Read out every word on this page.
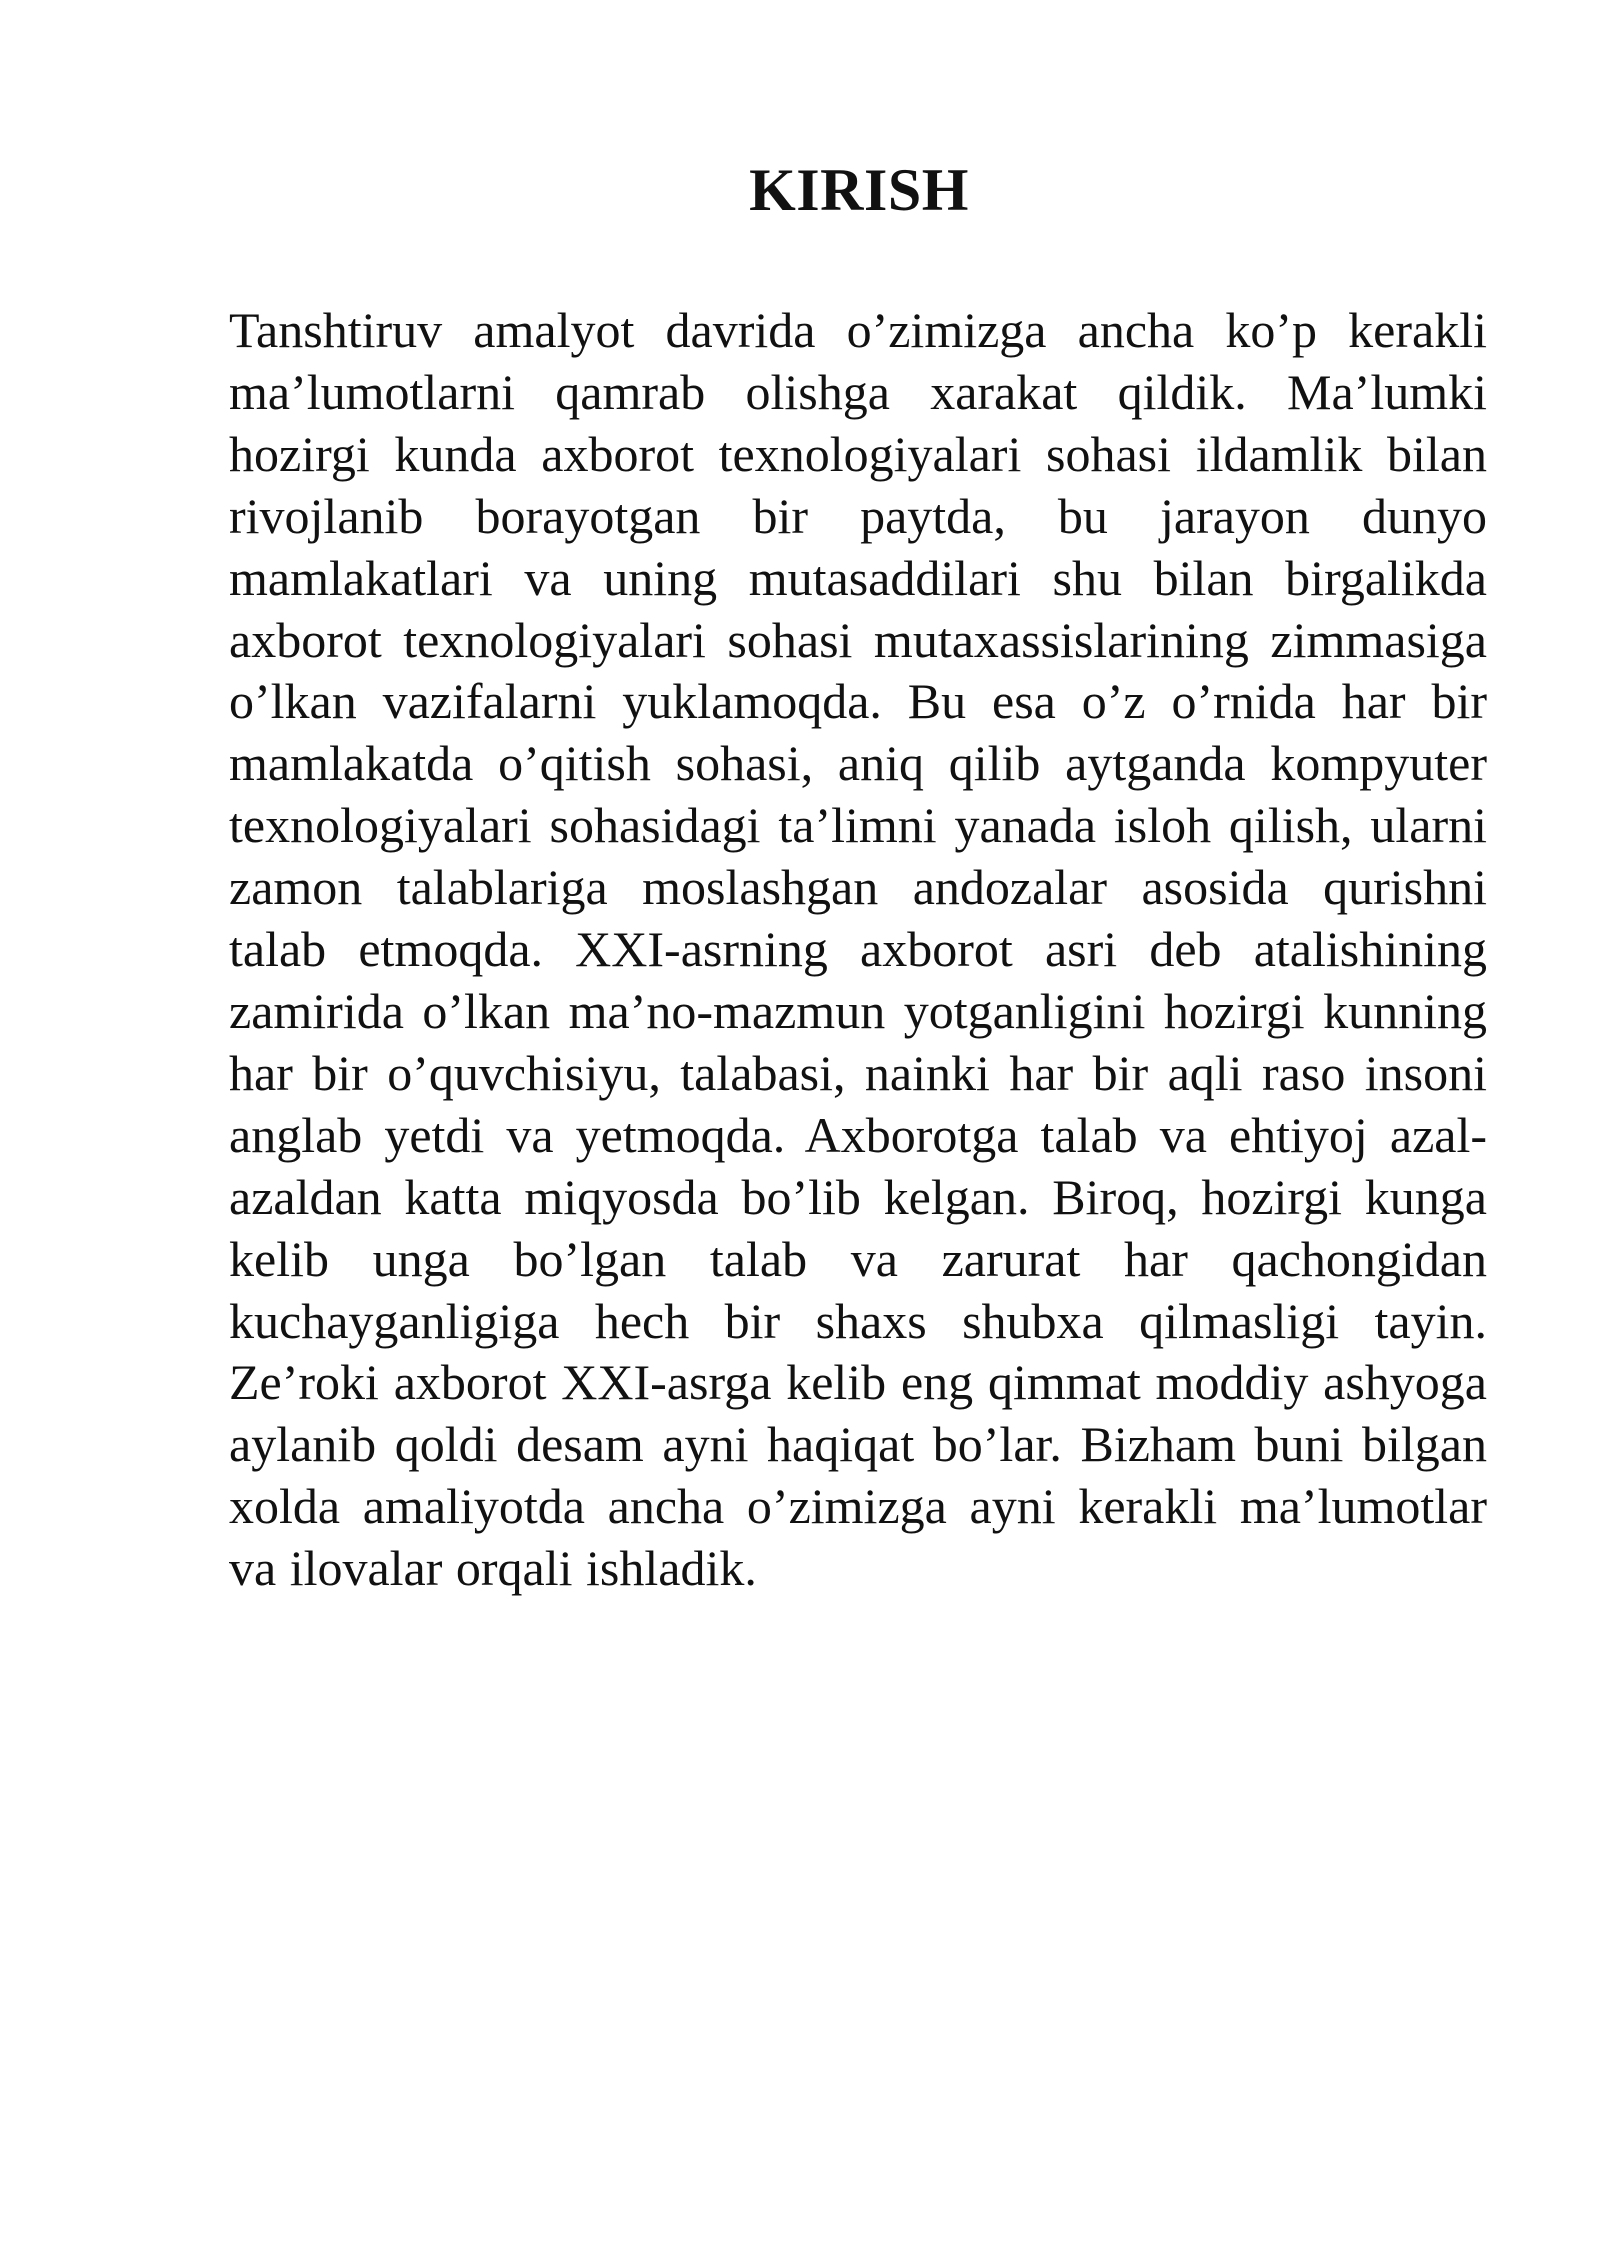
KIRISH

Tanshtiruv amalyot davrida o’zimizga ancha ko’p kerakli ma’lumotlarni qamrab olishga xarakat qildik. Ma’lumki hozirgi kunda axborot texnologiyalari sohasi ildamlik bilan rivojlanib borayotgan bir paytda, bu jarayon dunyo mamlakatlari va uning mutasaddilari shu bilan birgalikda axborot texnologiyalari sohasi mutaxassislarining zimmasiga o’lkan vazifalarni yuklamoqda. Bu esa o’z o’rnida har bir mamlakatda o’qitish sohasi, aniq qilib aytganda kompyuter texnologiyalari sohasidagi ta’limni yanada isloh qilish, ularni zamon talablariga moslashgan andozalar asosida qurishni talab etmoqda. XXI-asrning axborot asri deb atalishining zamirida o’lkan ma’no-mazmun yotganligini hozirgi kunning har bir o’quvchisiyu, talabasi, nainki har bir aqli raso insoni anglab yetdi va yetmoqda. Axborotga talab va ehtiyoj azal-azaldan katta miqyosda bo’lib kelgan. Biroq, hozirgi kunga kelib unga bo’lgan talab va zarurat har qachongidan kuchayganligiga hech bir shaxs shubxa qilmasligi tayin. Ze’roki axborot XXI-asrga kelib eng qimmat moddiy ashyoga aylanib qoldi desam ayni haqiqat bo’lar. Bizham buni bilgan xolda amaliyotda ancha o’zimizga ayni kerakli ma’lumotlar va ilovalar orqali ishladik.
